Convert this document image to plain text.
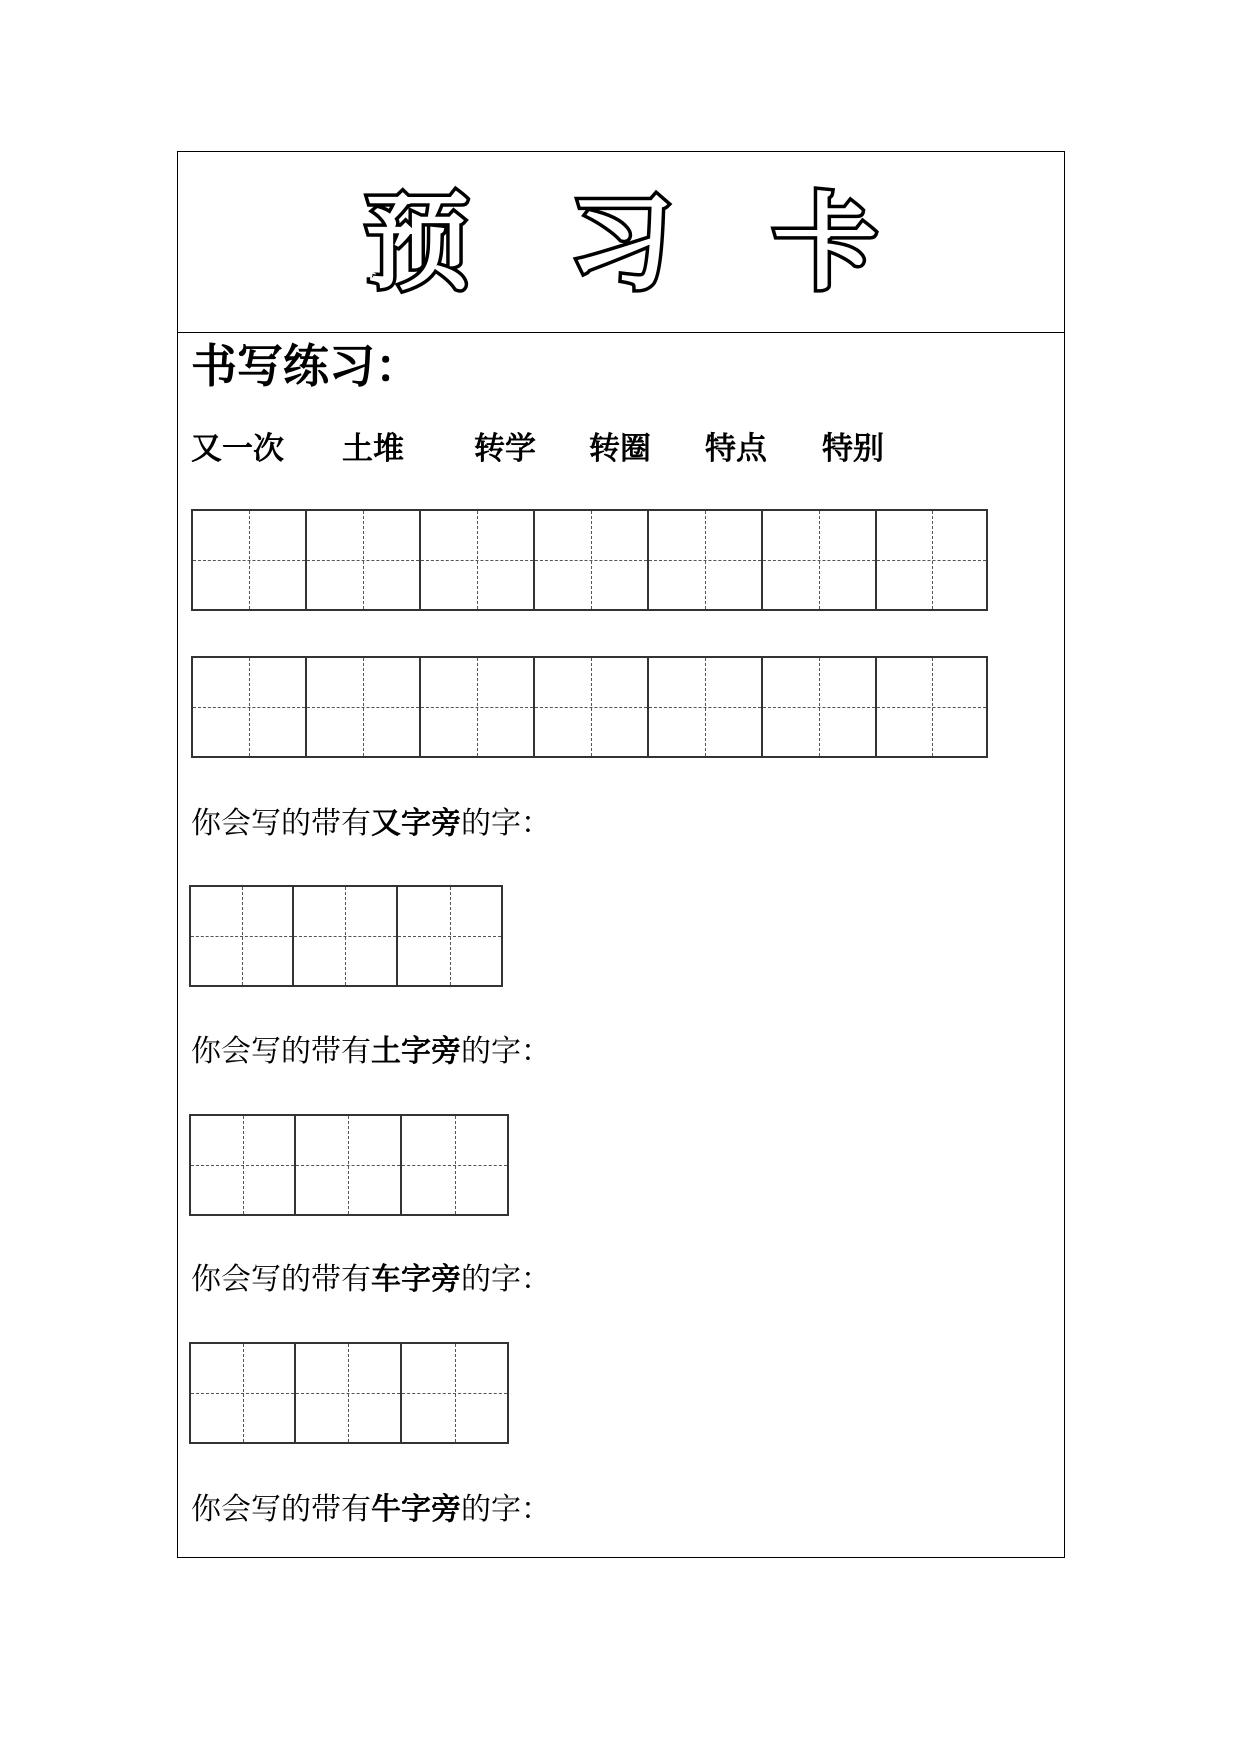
预 习 卡
书写练习：
又一次 土堆 转学 转圈 特点 特别
你会写的带有又字旁的字：
你会写的带有土字旁的字：
你会写的带有车字旁的字：
你会写的带有牛字旁的字：
